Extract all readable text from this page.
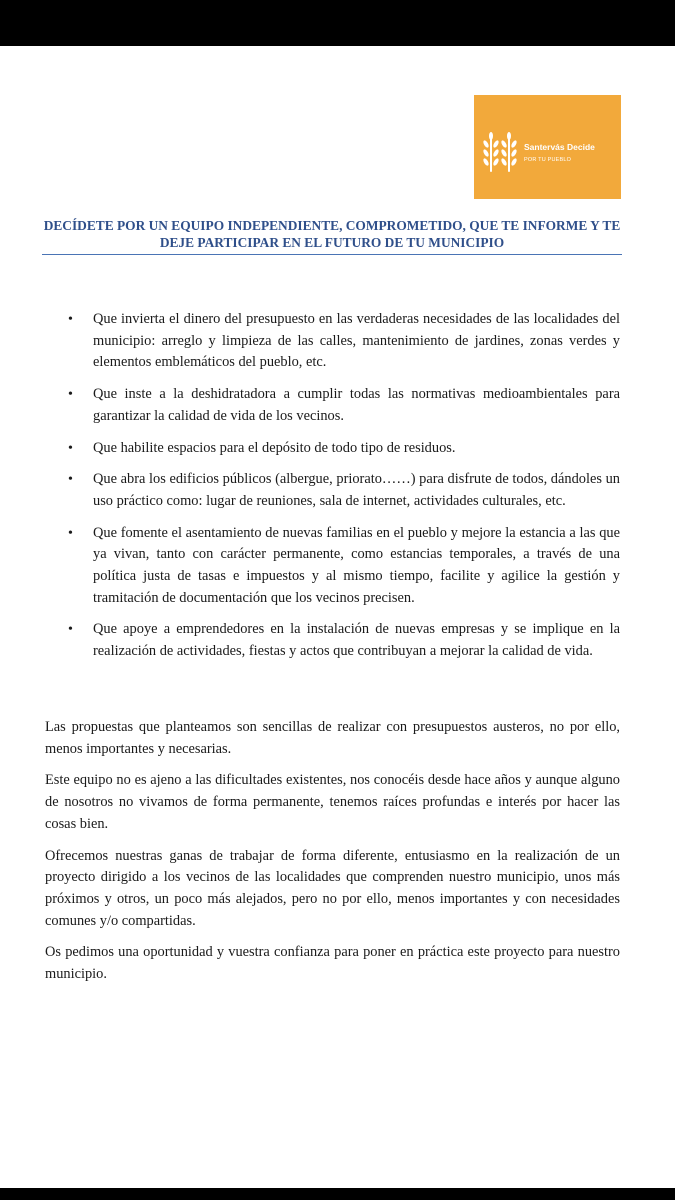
Santervás Decide
POR TU PUEBLO
DECÍDETE POR UN EQUIPO INDEPENDIENTE, COMPROMETIDO, QUE TE INFORME Y TE
DEJE PARTICIPAR EN EL FUTURO DE TU MUNICIPIO
• Que invierta el dinero del presupuesto en las verdaderas necesidades de las localidades del municipio: arreglo y limpieza de las calles, mantenimiento de jardines, zonas verdes y elementos emblemáticos del pueblo, etc.
• Que inste a la deshidratadora a cumplir todas las normativas medioambientales para garantizar la calidad de vida de los vecinos.
• Que habilite espacios para el depósito de todo tipo de residuos.
• Que abra los edificios públicos (albergue, priorato……) para disfrute de todos, dándoles un uso práctico como: lugar de reuniones, sala de internet, actividades culturales, etc.
• Que fomente el asentamiento de nuevas familias en el pueblo y mejore la estancia a las que ya vivan, tanto con carácter permanente, como estancias temporales, a través de una política justa de tasas e impuestos y al mismo tiempo, facilite y agilice la gestión y tramitación de documentación que los vecinos precisen.
• Que apoye a emprendedores en la instalación de nuevas empresas y se implique en la realización de actividades, fiestas y actos que contribuyan a mejorar la calidad de vida.

Las propuestas que planteamos son sencillas de realizar con presupuestos austeros, no por ello, menos importantes y necesarias.

Este equipo no es ajeno a las dificultades existentes, nos conocéis desde hace años y aunque alguno de nosotros no vivamos de forma permanente, tenemos raíces profundas e interés por hacer las cosas bien.

Ofrecemos nuestras ganas de trabajar de forma diferente, entusiasmo en la realización de un proyecto dirigido a los vecinos de las localidades que comprenden nuestro municipio, unos más próximos y otros, un poco más alejados, pero no por ello, menos importantes y con necesidades comunes y/o compartidas.

Os pedimos una oportunidad y vuestra confianza para poner en práctica este proyecto para nuestro municipio.
